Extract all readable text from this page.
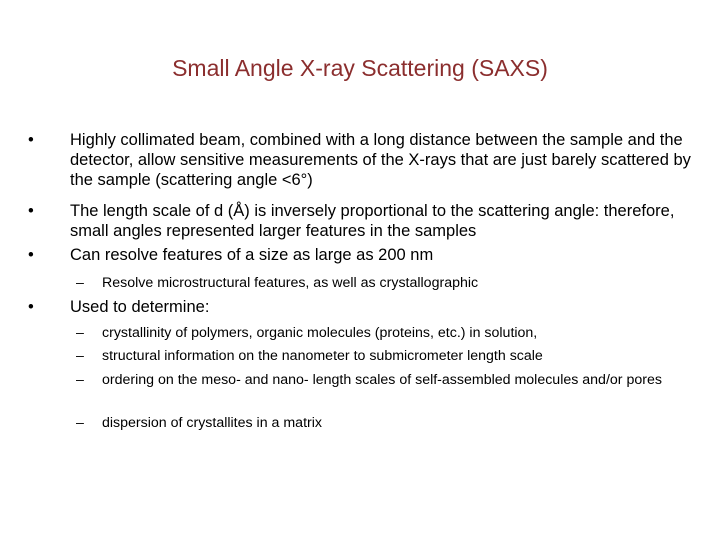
Small Angle X-ray Scattering (SAXS)
•	Highly collimated beam, combined with a long distance between the sample and the detector, allow sensitive measurements of the X-rays that are just barely scattered by the sample (scattering angle <6°)
•	The length scale of d (Å) is inversely proportional to the scattering angle: therefore, small angles represented larger features in the samples
•	Can resolve features of a size as large as 200 nm
–	Resolve microstructural features, as well as crystallographic
•	Used to determine:
–	crystallinity of polymers, organic molecules (proteins, etc.) in solution,
–	structural information on the nanometer to submicrometer length scale
–	ordering on the meso- and nano- length scales of self-assembled molecules and/or pores
–	dispersion of crystallites in a matrix
